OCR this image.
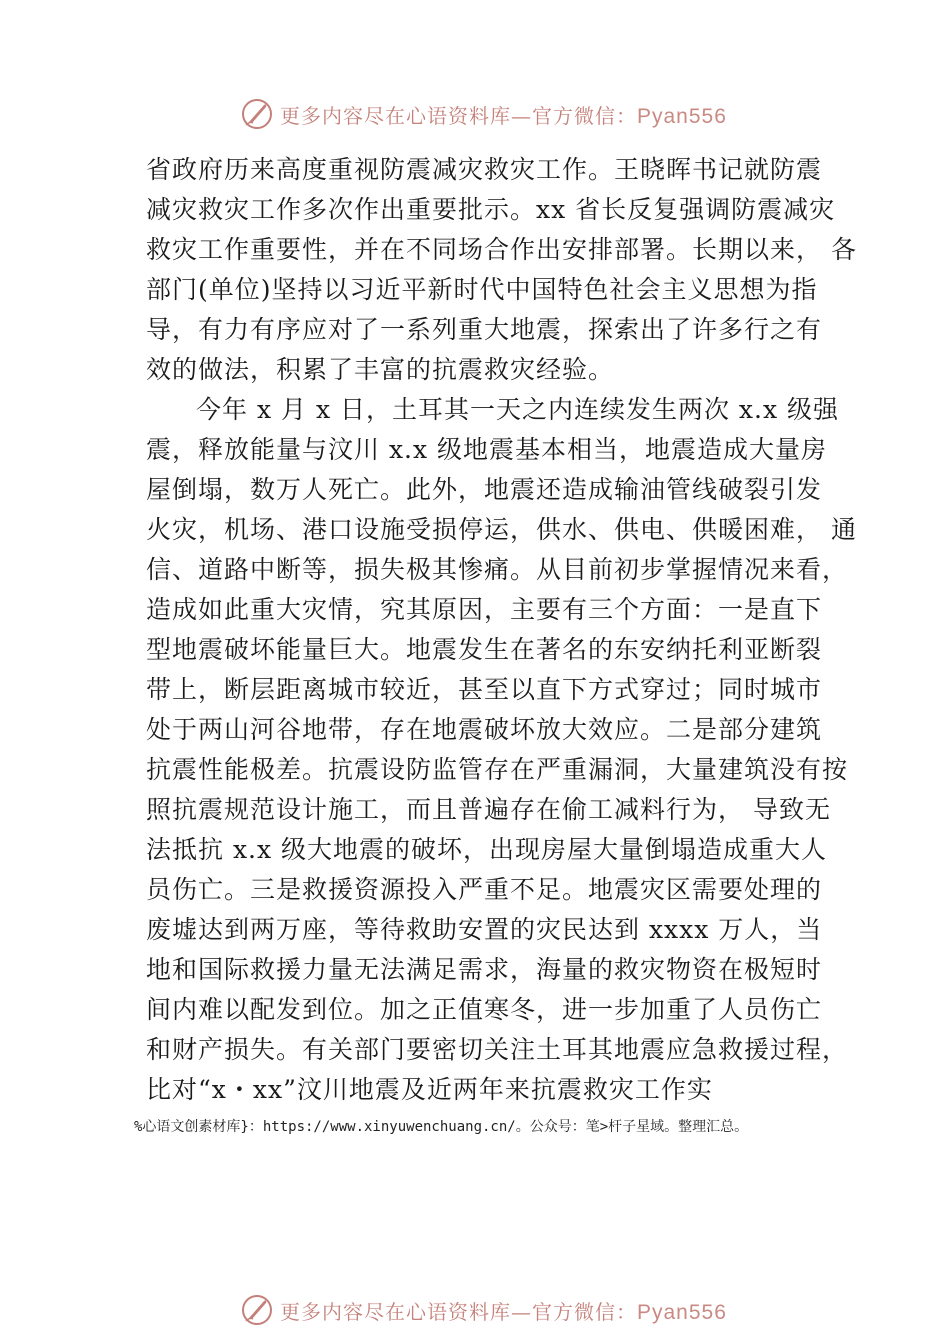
更多内容尽在心语资料库—官方微信：Pyan556
省政府历来高度重视防震减灾救灾工作。王晓晖书记就防震
减灾救灾工作多次作出重要批示。xx 省长反复强调防震减灾
救灾工作重要性，并在不同场合作出安排部署。长期以来， 各
部门(单位)坚持以习近平新时代中国特色社会主义思想为指
导，有力有序应对了一系列重大地震，探索出了许多行之有
效的做法，积累了丰富的抗震救灾经验。
今年 x 月 x 日，土耳其一天之内连续发生两次 x.x 级强
震，释放能量与汶川 x.x 级地震基本相当，地震造成大量房
屋倒塌，数万人死亡。此外，地震还造成输油管线破裂引发
火灾，机场、港口设施受损停运，供水、供电、供暖困难， 通
信、道路中断等，损失极其惨痛。从目前初步掌握情况来看，
造成如此重大灾情，究其原因，主要有三个方面：一是直下
型地震破坏能量巨大。地震发生在著名的东安纳托利亚断裂
带上，断层距离城市较近，甚至以直下方式穿过；同时城市
处于两山河谷地带，存在地震破坏放大效应。二是部分建筑
抗震性能极差。抗震设防监管存在严重漏洞，大量建筑没有按
照抗震规范设计施工，而且普遍存在偷工减料行为， 导致无
法抵抗 x.x 级大地震的破坏，出现房屋大量倒塌造成重大人
员伤亡。三是救援资源投入严重不足。地震灾区需要处理的
废墟达到两万座，等待救助安置的灾民达到 xxxx 万人，当
地和国际救援力量无法满足需求，海量的救灾物资在极短时
间内难以配发到位。加之正值寒冬，进一步加重了人员伤亡
和财产损失。有关部门要密切关注土耳其地震应急救援过程，
比对“x・xx”汶川地震及近两年来抗震救灾工作实
%心语文创素材库}：https://www.xinyuwenchuang.cn/。公众号：笔>杆子星域。整理汇总。
更多内容尽在心语资料库—官方微信：Pyan556
